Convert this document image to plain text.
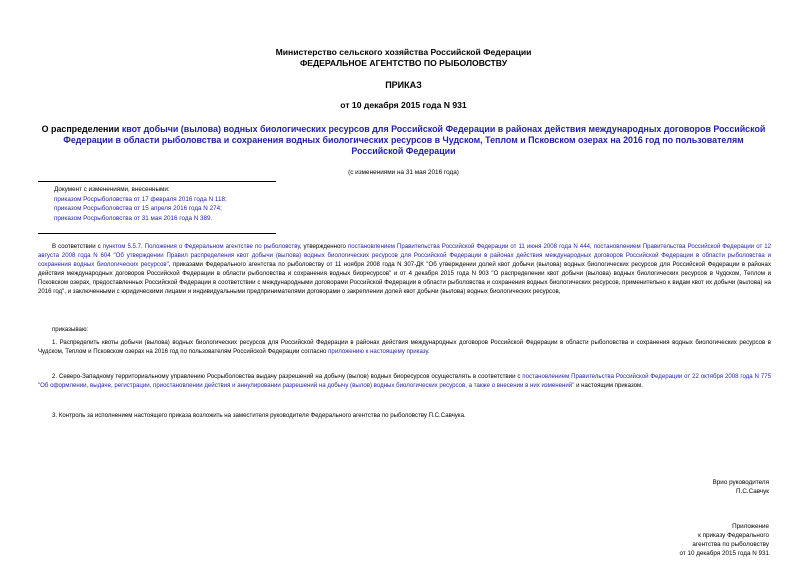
Министерство сельского хозяйства Российской Федерации
ФЕДЕРАЛЬНОЕ АГЕНТСТВО ПО РЫБОЛОВСТВУ
ПРИКАЗ
от 10 декабря 2015 года N 931
О распределении квот добычи (вылова) водных биологических ресурсов для Российской Федерации в районах действия международных договоров Российской Федерации в области рыболовства и сохранения водных биологических ресурсов в Чудском, Теплом и Псковском озерах на 2016 год по пользователям Российской Федерации
(с изменениями на 31 мая 2016 года)
Документ с изменениями, внесенными:
приказом Росрыболовства от 17 февраля 2016 года N 118;
приказом Росрыболовства от 15 апреля 2016 года N 274;
приказом Росрыболовства от 31 мая 2016 года N 389.
В соответствии с пунктом 5.5.7. Положения о Федеральном агентстве по рыболовству, утвержденного постановлением Правительства Российской Федерации от 11 июня 2008 года N 444, постановлением Правительства Российской Федерации от 12 августа 2008 года N 604 "Об утверждении Правил распределения квот добычи (вылова) водных биологических ресурсов для Российской Федерации в районах действия международных договоров Российской Федерации в области рыболовства и сохранения водных биологических ресурсов", приказами Федерального агентства по рыболовству от 11 ноября 2008 года N 307-ДК "Об утверждении долей квот добычи (вылова) водных биологических ресурсов для Российской Федерации в районах действия международных договоров Российской Федерации в области рыболовства и сохранения водных биоресурсов" и от 4 декабря 2015 года N 903 "О распределении квот добычи (вылова) водных биологических ресурсов в Чудском, Теплом и Псковском озерах, предоставленных Российской Федерации в соответствии с международными договорами Российской Федерации в области рыболовства и сохранения водных биологических ресурсов, применительно к видам квот их добычи (вылова) на 2016 год", и заключенными с юридическими лицами и индивидуальными предпринимателями договорами о закреплении долей квот добычи (вылова) водных биологических ресурсов,
приказываю:
1. Распределить квоты добычи (вылова) водных биологических ресурсов для Российской Федерации в районах действия международных договоров Российской Федерации в области рыболовства и сохранения водных биологических ресурсов в Чудском, Теплом и Псковском озерах на 2016 год по пользователям Российской Федерации согласно приложению к настоящему приказу.
2. Северо-Западному территориальному управлению Росрыболовства выдачу разрешений на добычу (вылов) водных биоресурсов осуществлять в соответствии с постановлением Правительства Российской Федерации от 22 октября 2008 года N 775 "Об оформлении, выдаче, регистрации, приостановлении действия и аннулировании разрешений на добычу (вылов) водных биологических ресурсов, а также о внесении в них изменений" и настоящим приказом.
3. Контроль за исполнением настоящего приказа возложить на заместителя руководителя Федерального агентства по рыболовству П.С.Савчука.
Врио руководителя
П.С.Савчук
Приложение
к приказу Федерального
агентства по рыболовству
от 10 декабря 2015 года N 931
